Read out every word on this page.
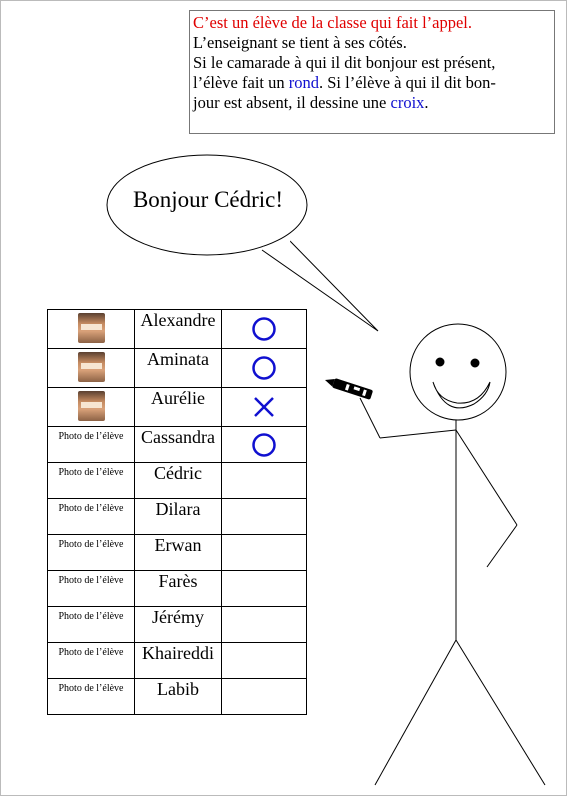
C’est un élève de la classe qui fait l’appel.

L’enseignant se tient à ses côtés.

Si le camarade à qui il dit bonjour est présent,

l’élève fait un rond. Si l’élève à qui il dit bon-

jour est absent, il dessine une croix.

Bonjour Cédric!
	Alexandre	

	Aminata	

	Aurélie	

Photo de l’élève	Cassandra	

Photo de l’élève	Cédric	

Photo de l’élève	Dilara	

Photo de l’élève	Erwan	

Photo de l’élève	Farès	

Photo de l’élève	Jérémy	

Photo de l’élève	Khaireddi	

Photo de l’élève	Labib	
